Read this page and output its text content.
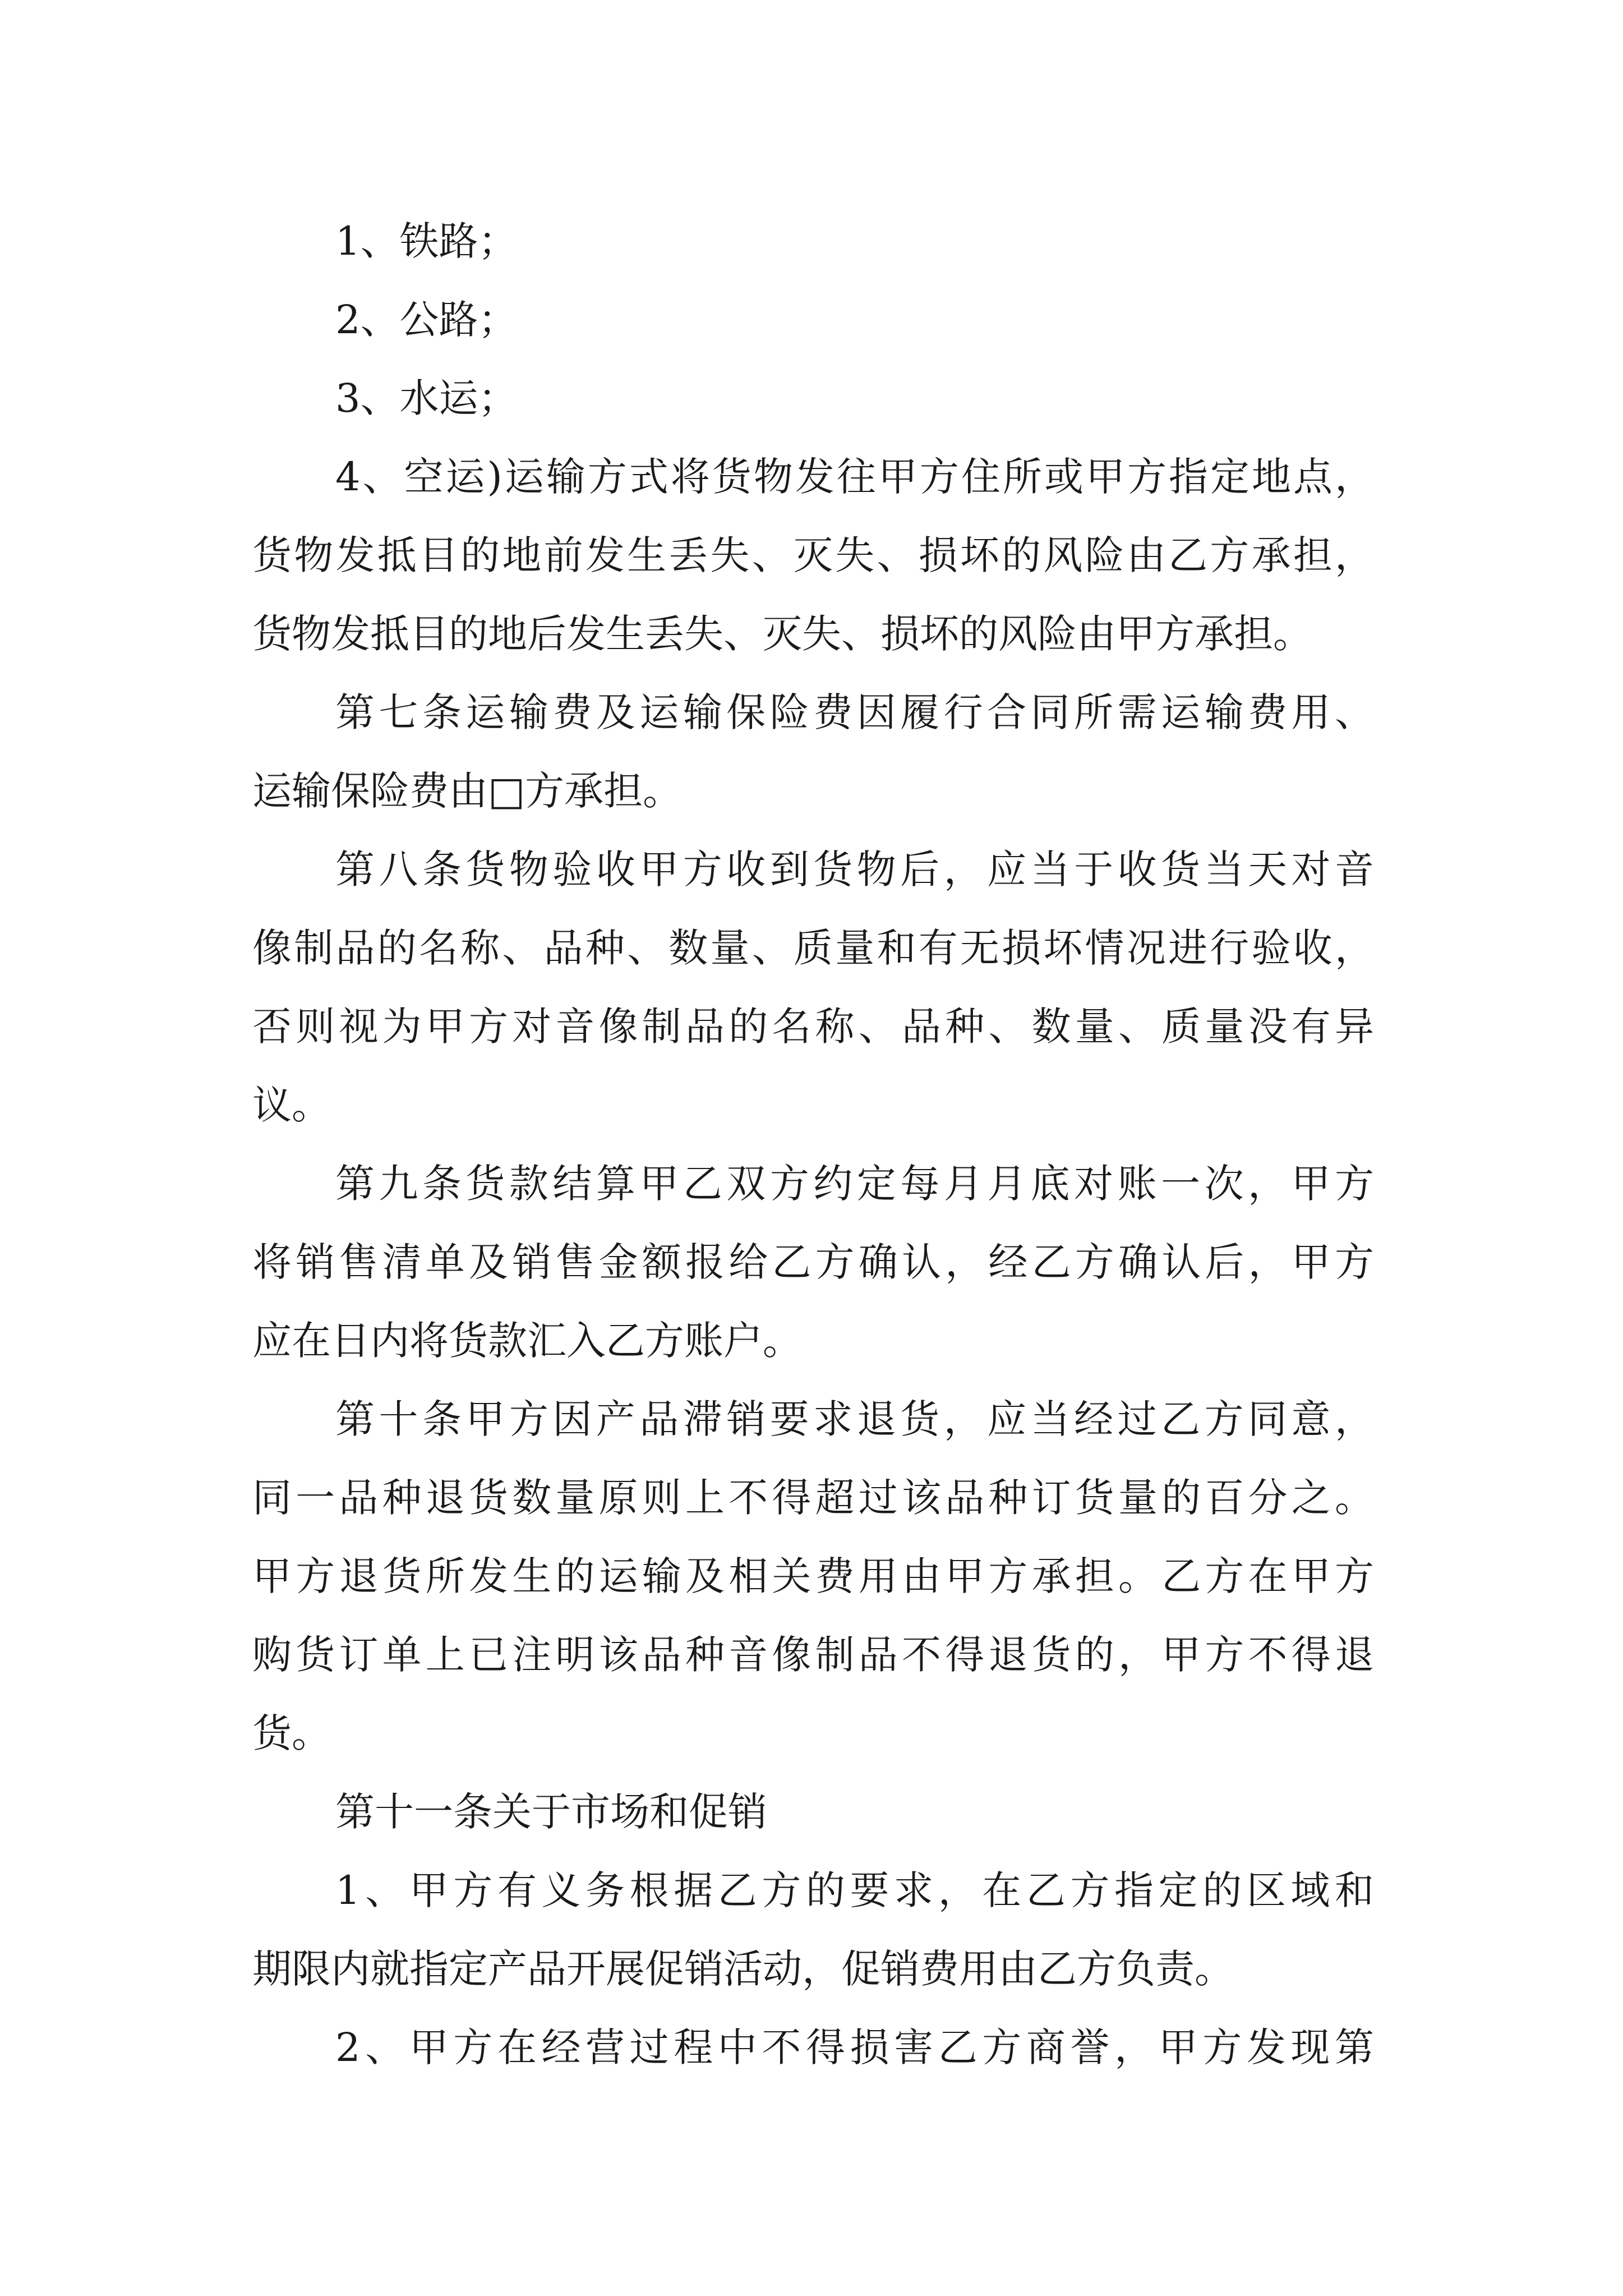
1、铁路；
2、公路；
3、水运；
4、空运)运输方式将货物发往甲方住所或甲方指定地点，
货物发抵目的地前发生丢失、灭失、损坏的风险由乙方承担，
货物发抵目的地后发生丢失、灭失、损坏的风险由甲方承担。
第七条运输费及运输保险费因履行合同所需运输费用、
运输保险费由□方承担。
第八条货物验收甲方收到货物后，应当于收货当天对音
像制品的名称、品种、数量、质量和有无损坏情况进行验收，
否则视为甲方对音像制品的名称、品种、数量、质量没有异
议。
第九条货款结算甲乙双方约定每月月底对账一次，甲方
将销售清单及销售金额报给乙方确认，经乙方确认后，甲方
应在日内将货款汇入乙方账户。
第十条甲方因产品滞销要求退货，应当经过乙方同意，
同一品种退货数量原则上不得超过该品种订货量的百分之。
甲方退货所发生的运输及相关费用由甲方承担。乙方在甲方
购货订单上已注明该品种音像制品不得退货的，甲方不得退
货。
第十一条关于市场和促销
1、甲方有义务根据乙方的要求，在乙方指定的区域和
期限内就指定产品开展促销活动，促销费用由乙方负责。
2、甲方在经营过程中不得损害乙方商誉，甲方发现第
